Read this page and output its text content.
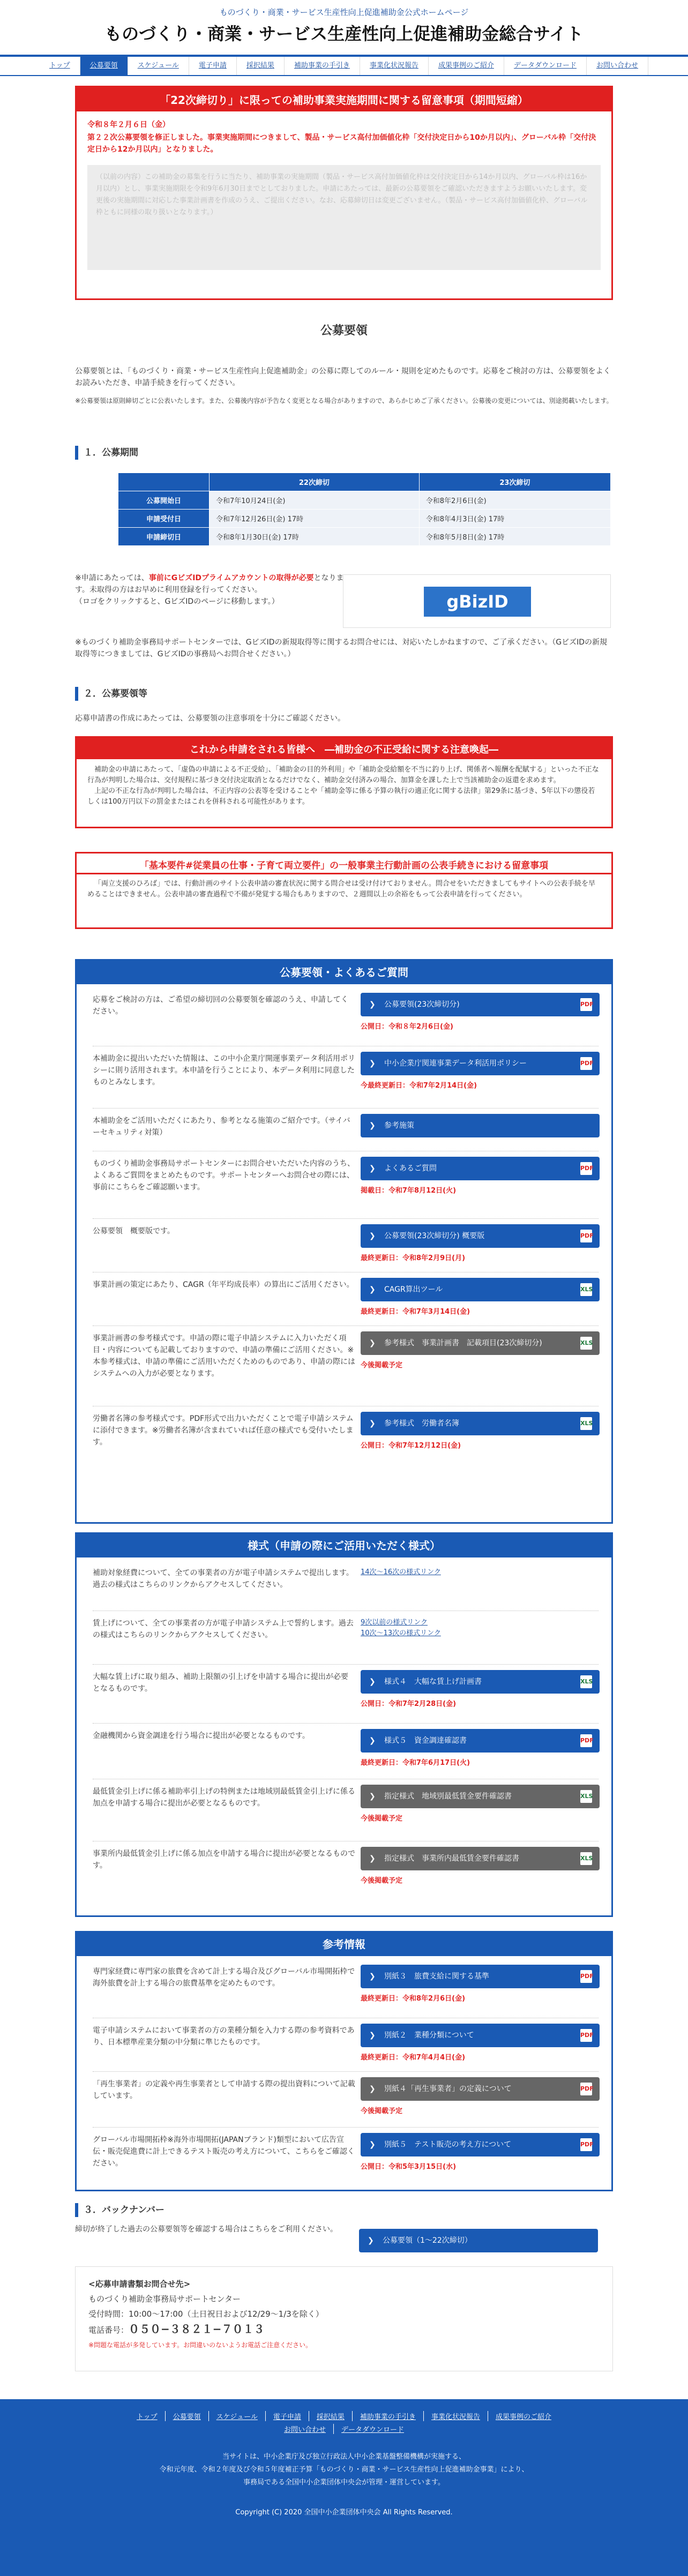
ものづくり・商業・サービス生産性向上促進補助金公式ホームページ
ものづくり・商業・サービス生産性向上促進補助金総合サイト
トップ	公募要領	スケジュール	電子申請	採択結果	補助事業の手引き	事業化状況報告	成果事例のご紹介	データダウンロード	お問い合わせ
「22次締切り」に限っての補助事業実施期間に関する留意事項（期間短縮）
令和８年２月６日（金）
第２２次公募要領を修正しました。事業実施期間につきまして、製品・サービス高付加価値化枠「交付決定日から10か月以内」、グローバル枠「交付決定日から12か月以内」となりました。
（以前の内容）この補助金の募集を行うに当たり、補助事業の実施期間（製品・サービス高付加価値化枠は交付決定日から14か月以内、グローバル枠は16か月以内）とし、事業実施期限を令和9年6月30日までとしておりました。申請にあたっては、最新の公募要領をご確認いただきますようお願いいたします。変更後の実施期間に対応した事業計画書を作成のうえ、ご提出ください。なお、応募締切日は変更ございません。（製品・サービス高付加価値化枠、グローバル枠ともに同様の取り扱いとなります。）
公募要領
公募要領とは、「ものづくり・商業・サービス生産性向上促進補助金」の公募に際してのルール・規則を定めたものです。応募をご検討の方は、公募要領をよくお読みいただき、申請手続きを行ってください。
※公募要領は原則締切ごとに公表いたします。また、公募後内容が予告なく変更となる場合がありますので、あらかじめご了承ください。公募後の変更については、別途掲載いたします。
１．公募期間
	22次締切	23次締切
公募開始日	令和7年10月24日(金)	令和8年2月6日(金)
申請受付日	令和7年12月26日(金) 17時	令和8年4月3日(金) 17時
申請締切日	令和8年1月30日(金) 17時	令和8年5月8日(金) 17時
※申請にあたっては、事前にGビズIDプライムアカウントの取得が必要となります。未取得の方はお早めに利用登録を行ってください。
（ロゴをクリックすると、GビズIDのページに移動します。）	gBizID
※ものづくり補助金事務局サポートセンターでは、GビズIDの新規取得等に関するお問合せには、対応いたしかねますので、ご了承ください。（GビズIDの新規取得等につきましては、GビズIDの事務局へお問合せください。）
２．公募要領等
応募申請書の作成にあたっては、公募要領の注意事項を十分にご確認ください。
これから申請をされる皆様へ　―補助金の不正受給に関する注意喚起―

補助金の申請にあたって、「虚偽の申請による不正受給」、「補助金の目的外利用」や「補助金受給額を不当に釣り上げ、関係者へ報酬を配賦する」といった不正な行為が判明した場合は、交付規程に基づき交付決定取消となるだけでなく、補助金交付済みの場合、加算金を課した上で当該補助金の返還を求めます。

上記の不正な行為が判明した場合は、不正内容の公表等を受けることや「補助金等に係る予算の執行の適正化に関する法律」第29条に基づき、5年以下の懲役若しくは100万円以下の罰金またはこれを併科される可能性があります。

「基本要件#従業員の仕事・子育て両立要件」の一般事業主行動計画の公表手続きにおける留意事項

「両立支援のひろば」では、行動計画のサイト公表申請の審査状況に関する問合せは受け付けておりません。問合せをいただきましてもサイトへの公表手続を早めることはできません。公表申請の審査過程で不備が発覚する場合もありますので、２週間以上の余裕をもって公表申請を行ってください。

公募要領・よくあるご質問
応募をご検討の方は、ご希望の締切回の公募要領を確認のうえ、申請してください。
❯ 公募要領(23次締切分)	PDF
公開日：令和８年2月6日(金)
本補助金に提出いただいた情報は、この中小企業庁開運事業データ利活用ポリシーに則り活用されます。本申請を行うことにより、本データ利用に同意したものとみなします。
❯ 中小企業庁関連事業データ利活用ポリシー	PDF
今最終更新日：令和7年2月14日(金)
本補助金をご活用いただくにあたり、参考となる施策のご紹介です。（サイバーセキュリティ対策）
❯ 参考施策
ものづくり補助金事務局サポートセンターにお問合せいただいた内容のうち、よくあるご質問をまとめたものです。サポートセンターへお問合せの際には、事前にこちらをご確認願います。
❯ よくあるご質問	PDF
掲載日：令和7年8月12日(火)
公募要領　概要版です。
❯ 公募要領(23次締切分) 概要版	PDF
最終更新日：令和8年2月9日(月)
事業計画の策定にあたり、CAGR（年平均成長率）の算出にご活用ください。
❯ CAGR算出ツール	XLS
最終更新日：令和7年3月14日(金)
事業計画書の参考様式です。申請の際に電子申請システムに入力いただく項目・内容についても記載しておりますので、申請の準備にご活用ください。※本参考様式は、申請の準備にご活用いただくためのものであり、申請の際にはシステムへの入力が必要となります。
❯ 参考様式　事業計画書　記載項目(23次締切分)	XLS
今後掲載予定
労働者名簿の参考様式です。PDF形式で出力いただくことで電子申請システムに添付できます。※労働者名簿が含まれていれば任意の様式でも受付いたします。
❯ 参考様式　労働者名簿	XLS
公開日：令和7年12月12日(金)
様式（申請の際にご活用いただく様式）
補助対象経費について、全ての事業者の方が電子申請システムで提出します。過去の様式はこちらのリンクからアクセスしてください。
14次〜16次の様式リンク
賃上げについて、全ての事業者の方が電子申請システム上で誓約します。過去の様式はこちらのリンクからアクセスしてください。
9次以前の様式リンク
10次〜13次の様式リンク
大幅な賃上げに取り組み、補助上限額の引上げを申請する場合に提出が必要となるものです。
❯ 様式４　大幅な賃上げ計画書	XLS
公開日：令和7年2月28日(金)
金融機関から資金調達を行う場合に提出が必要となるものです。
❯ 様式５　資金調達確認書	PDF
最終更新日：令和7年6月17日(火)
最低賃金引上げに係る補助率引上げの特例または地域別最低賃金引上げに係る加点を申請する場合に提出が必要となるものです。
❯ 指定様式　地域別最低賃金要件確認書	XLS
今後掲載予定
事業所内最低賃金引上げに係る加点を申請する場合に提出が必要となるものです。
❯ 指定様式　事業所内最低賃金要件確認書	XLS
今後掲載予定
参考情報
専門家経費に専門家の旅費を含めて計上する場合及びグローバル市場開拓枠で海外旅費を計上する場合の旅費基準を定めたものです。
❯ 別紙３　旅費支給に関する基準	PDF
最終更新日：令和8年2月6日(金)
電子申請システムにおいて事業者の方の業種分類を入力する際の参考資料であり、日本標準産業分類の中分類に準じたものです。
❯ 別紙２　業種分類について	PDF
最終更新日：令和7年4月4日(金)
「再生事業者」の定義や再生事業者として申請する際の提出資料について記載しています。
❯ 別紙４「再生事業者」の定義について	PDF
今後掲載予定
グローバル市場開拓枠※海外市場開拓(JAPANブランド)類型において広告宣伝・販売促進費に計上できるテスト販売の考え方について、こちらをご確認ください。
❯ 別紙５　テスト販売の考え方について	PDF
公開日：令和5年3月15日(水)
３．バックナンバー
締切が終了した過去の公募要領等を確認する場合はこちらをご利用ください。
❯ 公募要領（1〜22次締切）
<応募申請書類お問合せ先>
ものづくり補助金事務局サポートセンター
受付時間：10:00〜17:00（土日祝日および12/29〜1/3を除く）
電話番号：０５０−３８２１−７０１３
※問題な電話が多発しています。お問違いのないようお電話ご注意ください。
トップ	公募要領	スケジュール	電子申請	採択結果	補助事業の手引き	事業化状況報告	成果事例のご紹介
お問い合わせ	データダウンロード
当サイトは、中小企業庁及び独立行政法人中小企業基盤整備機構が実施する、
令和元年度、令和２年度及び令和５年度補正予算「ものづくり・商業・サービス生産性向上促進補助金事業」により、
事務局である全国中小企業団体中央会が管理・運営しています。
Copyright (C) 2020 全国中小企業団体中央会 All Rights Reserved.
